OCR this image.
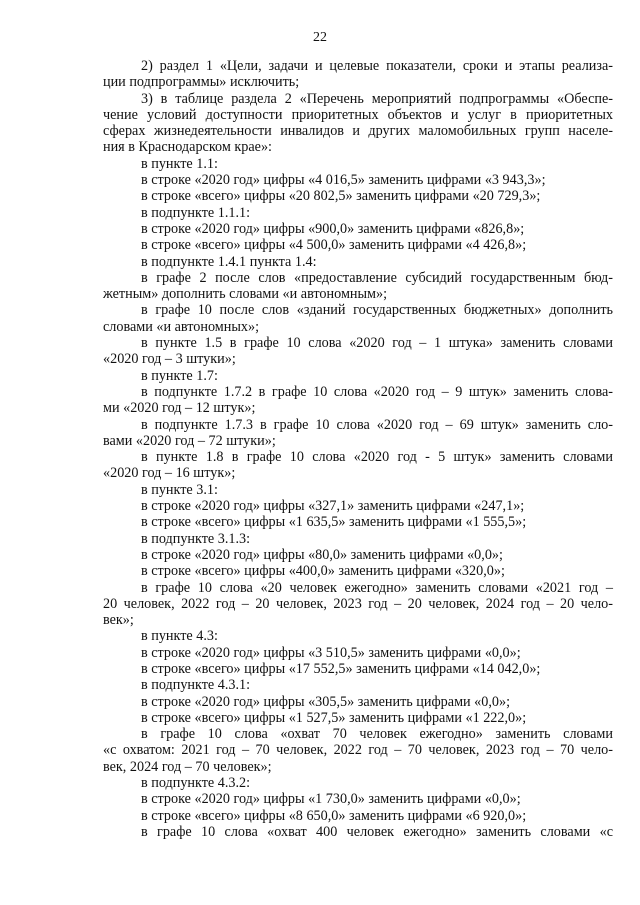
22
2) раздел 1 «Цели, задачи и целевые показатели, сроки и этапы реализа-
ции подпрограммы» исключить;
3) в таблице раздела 2 «Перечень мероприятий подпрограммы «Обеспе-
чение условий доступности приоритетных объектов и услуг в приоритетных
сферах жизнедеятельности инвалидов и других маломобильных групп населе-
ния в Краснодарском крае»:
в пункте 1.1:
в строке «2020 год» цифры «4 016,5» заменить цифрами «3 943,3»;
в строке «всего» цифры «20 802,5» заменить цифрами «20 729,3»;
в подпункте 1.1.1:
в строке «2020 год» цифры «900,0» заменить цифрами «826,8»;
в строке «всего» цифры «4 500,0» заменить цифрами «4 426,8»;
в подпункте 1.4.1 пункта 1.4:
в графе 2 после слов «предоставление субсидий государственным бюд-
жетным» дополнить словами «и автономным»;
в графе 10 после слов «зданий государственных бюджетных» дополнить
словами «и автономных»;
в пункте 1.5 в графе 10 слова «2020 год – 1 штука» заменить словами
«2020 год – 3 штуки»;
в пункте 1.7:
в подпункте 1.7.2 в графе 10 слова «2020 год – 9 штук» заменить слова-
ми «2020 год – 12 штук»;
в подпункте 1.7.3 в графе 10 слова «2020 год – 69 штук» заменить сло-
вами «2020 год – 72 штуки»;
в пункте 1.8 в графе 10 слова «2020 год - 5 штук» заменить словами
«2020 год – 16 штук»;
в пункте 3.1:
в строке «2020 год» цифры «327,1» заменить цифрами «247,1»;
в строке «всего» цифры «1 635,5» заменить цифрами «1 555,5»;
в подпункте 3.1.3:
в строке «2020 год» цифры «80,0» заменить цифрами «0,0»;
в строке «всего» цифры «400,0» заменить цифрами «320,0»;
в графе 10 слова «20 человек ежегодно» заменить словами «2021 год –
20 человек, 2022 год – 20 человек, 2023 год – 20 человек, 2024 год – 20 чело-
век»;
в пункте 4.3:
в строке «2020 год» цифры «3 510,5» заменить цифрами «0,0»;
в строке «всего» цифры «17 552,5» заменить цифрами «14 042,0»;
в подпункте 4.3.1:
в строке «2020 год» цифры «305,5» заменить цифрами «0,0»;
в строке «всего» цифры «1 527,5» заменить цифрами «1 222,0»;
в графе 10 слова «охват 70 человек ежегодно» заменить словами
«с охватом: 2021 год – 70 человек, 2022 год – 70 человек, 2023 год – 70 чело-
век, 2024 год – 70 человек»;
в подпункте 4.3.2:
в строке «2020 год» цифры «1 730,0» заменить цифрами «0,0»;
в строке «всего» цифры «8 650,0» заменить цифрами «6 920,0»;
в графе 10 слова «охват 400 человек ежегодно» заменить словами «с
